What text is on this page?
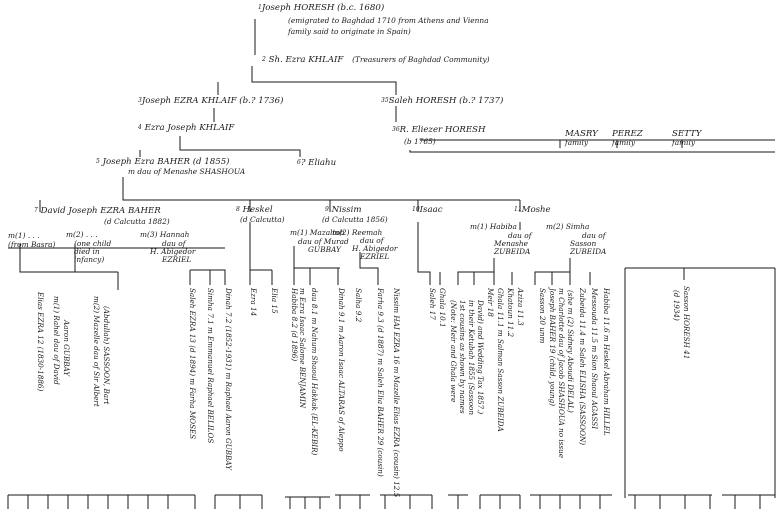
$^1$Joseph HORESH (b.c. 1680)
(emigrated to Baghdad 1710 from Athens and Vienna
family said to originate in Spain)
$^2$ Sh. Ezra KHLAIF (Treasurers of Baghdad Community)
$^3$Joseph EZRA KHLAIF (b.? 1736)	$^{35}$Saleh HORESH (b.? 1737)
$^{36}$R. Eliezer HORESH
(b 1765)
$^4$ Ezra Joseph KHLAIF
MASRY
family
PEREZ
family
SETTY
family
$^5$ Joseph Ezra BAHER (d 1855)
m dau of Menashe SHASHOUA
$^6$? Eliahu
$^7$ David Joseph EZRA BAHER
(d Calcutta 1882)
$^8$ Heskel
(d Calcutta)
$^9$ Nissim
(d Calcutta 1856)
$^{10}$Isaac	$^{11}$Moshe
m(1) . . .
(from Basra)
m(2) . . .
(one child
died in
infancy)
m(3) Hannah
dau of
H. Abigedor
EZRIEL
m(1) Mazaltob
dau of Murad
GUBBAY
m(2) Reemah
dau of
H. Abigedor
EZRIEL
m(1) Habiba
dau of
Menashe
ZUBEIDA
m(2) Simha
dau of
Sasson
ZUBEIDA
Elias EZRA 12 (1830-1886) m(1) Rahel dau of David Aaron GUBBAY	m(2) Mazelle dau of Sir Albert (Abdullah) SASSOON, Bart	Saleh EZRA 13 (d 1894) m Farha MOSES Simha 7.1 m Emmanuel Raphael BELILOS Dinah 7.2 (1852-1931) m Raphael Aaron GUBBAY Ezra 14 Elia 15 Habiba 8.2 (d 1896) m Ezra Isaac Salome BENJAMIN dau 8.1 m Nahum Shaoul Hakkak (EL-KEBIR)	Dinah 9.1 m Aaron Isaac ALTARAS of Aleppo Salha 9.2 Farha 9.3 (d 1887) m Saleh Elia BAHER 29 (cousin) Nissim HAI EZRA 16 m Mazelle Elias EZRA (cousin) 12.5	Saleh 17 Ghala 10.1 (Note: Meir and Ghala were 1st cousins as shown by names in their Ketubah 1855 (Sassoon David) and Wedding Tax 1857.) Meir 18 Ghala 11.1 m Salman Sasson ZUBEIDA Khatoun 11.2 Aziza 11.3 Sasson 20 unm Joseph BAHER 19 (child, young) m Charlotte dau of Jacob SHASHOUA no issue (she m (2) Sidney Aboudi DELAL) Zubeida 11.4 m Saleh ELISHA (SASSOON) Messouda 11.5 m Sion Shaoul AGASSI Habiba 11.6 m Heskel Abraham HILLEL	Sasson HORESH 41
(d 1934)
